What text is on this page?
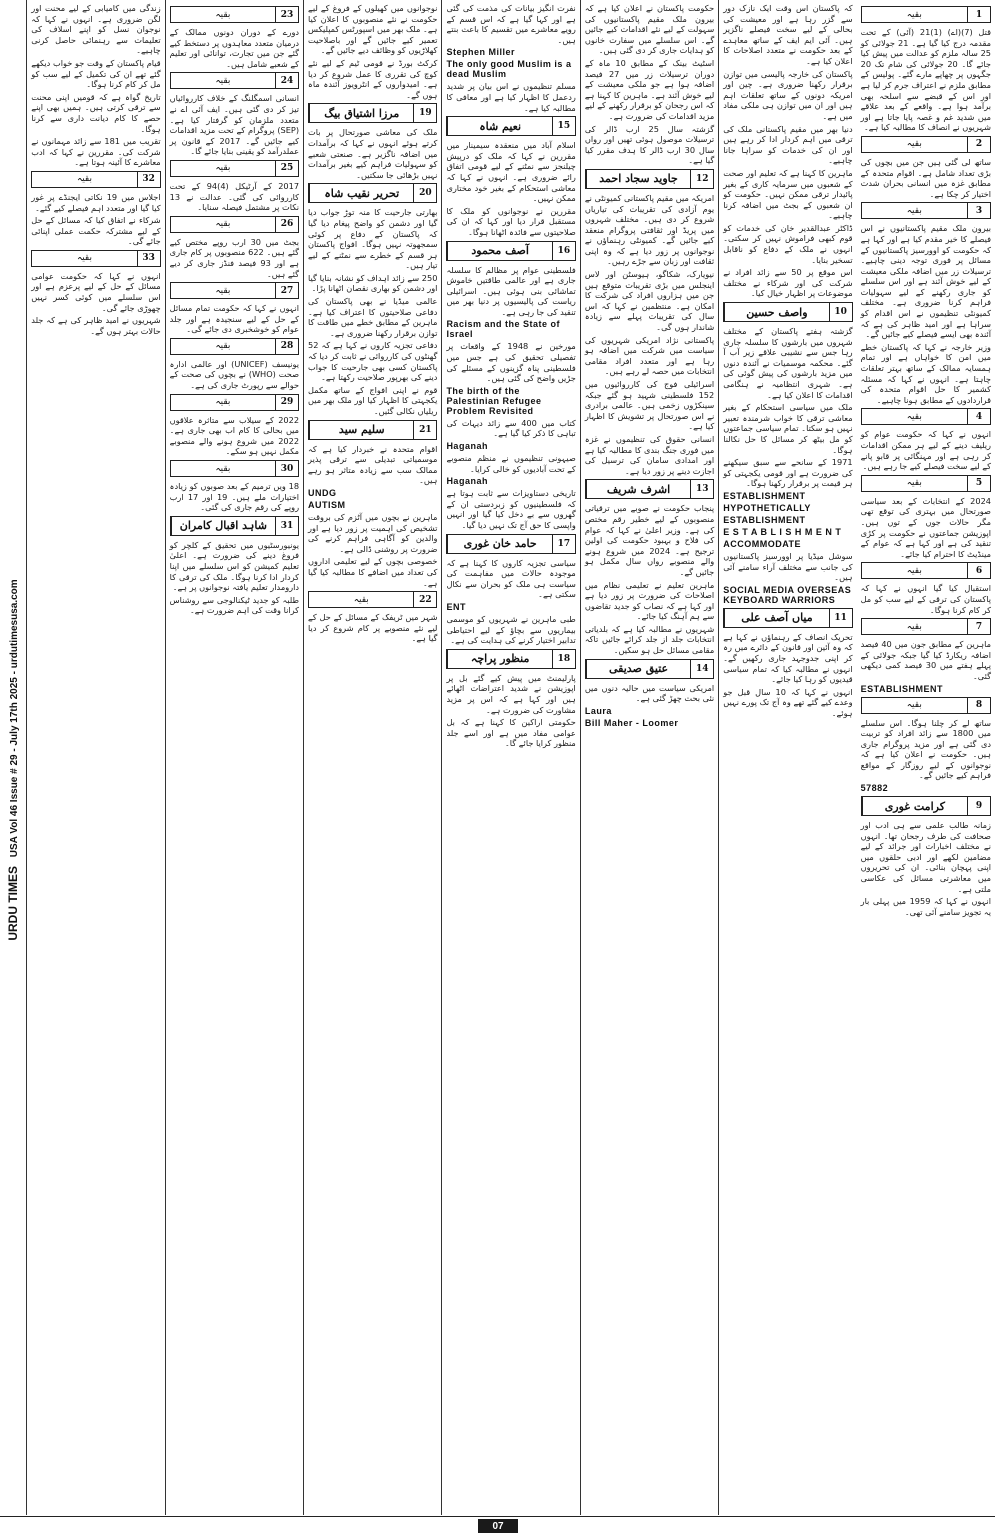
URDU TIMES USA Vol 46 Issue # 29 - July 17th 2025 - urdutimesusa.com
1
بقیہ

قتل (7)(اے) (1)21 (آئی) کے تحت مقدمہ درج کیا گیا ہے۔ 21 جولائی کو 25 سالہ ملزم کو عدالت میں پیش کیا جائے گا۔ 20 جولائی کی شام تک 20 جگہوں پر چھاپے مارے گئے۔ پولیس کے مطابق ملزم نے اعتراف جرم کر لیا ہے اور اس کے قبضے سے اسلحہ بھی برآمد ہوا ہے۔ واقعے کے بعد علاقے میں شدید غم و غصہ پایا جاتا ہے اور شہریوں نے انصاف کا مطالبہ کیا ہے۔

2
بقیہ

ساتھ لی گئی ہیں جن میں بچوں کی بڑی تعداد شامل ہے۔ اقوام متحدہ کے مطابق غزہ میں انسانی بحران شدت اختیار کر چکا ہے۔

3
بقیہ

بیرون ملک مقیم پاکستانیوں نے اس فیصلے کا خیر مقدم کیا ہے اور کہا ہے کہ حکومت کو اوورسیز پاکستانیوں کے مسائل پر فوری توجہ دینی چاہیے۔ ترسیلات زر میں اضافہ ملکی معیشت کے لیے خوش آئند ہے اور اس سلسلے کو جاری رکھنے کے لیے سہولیات فراہم کرنا ضروری ہے۔ مختلف کمیونٹی تنظیموں نے اس اقدام کو سراہا ہے اور امید ظاہر کی ہے کہ آئندہ بھی ایسے فیصلے کیے جائیں گے۔

وزیر خارجہ نے کہا کہ پاکستان خطے میں امن کا خواہاں ہے اور تمام ہمسایہ ممالک کے ساتھ بہتر تعلقات چاہتا ہے۔ انہوں نے کہا کہ مسئلہ کشمیر کا حل اقوام متحدہ کی قراردادوں کے مطابق ہونا چاہیے۔

4
بقیہ

انہوں نے کہا کہ حکومت عوام کو ریلیف دینے کے لیے ہر ممکن اقدامات کر رہی ہے اور مہنگائی پر قابو پانے کے لیے سخت فیصلے کیے جا رہے ہیں۔

5
بقیہ

2024 کے انتخابات کے بعد سیاسی صورتحال میں بہتری کی توقع تھی مگر حالات جوں کے توں ہیں۔ اپوزیشن جماعتوں نے حکومت پر کڑی تنقید کی ہے اور کہا ہے کہ عوام کے مینڈیٹ کا احترام کیا جائے۔

6
بقیہ

استقبال کیا گیا انہوں نے کہا کہ پاکستان کی ترقی کے لیے سب کو مل کر کام کرنا ہوگا۔

7
بقیہ

ماہرین کے مطابق جون میں 40 فیصد اضافہ ریکارڈ کیا گیا جبکہ جولائی کے پہلے ہفتے میں 30 فیصد کمی دیکھی گئی۔

ESTABLISHMENT
8
بقیہ

ساتھ لے کر چلنا ہوگا۔ اس سلسلے میں 1800 سے زائد افراد کو تربیت دی گئی ہے اور مزید پروگرام جاری ہیں۔ حکومت نے اعلان کیا ہے کہ نوجوانوں کے لیے روزگار کے مواقع فراہم کیے جائیں گے۔

57882
9
کرامت غوری

زمانہ طالب علمی سے ہی ادب اور صحافت کی طرف رجحان تھا۔ انہوں نے مختلف اخبارات اور جرائد کے لیے مضامین لکھے اور ادبی حلقوں میں اپنی پہچان بنائی۔ ان کی تحریروں میں معاشرتی مسائل کی عکاسی ملتی ہے۔

انہوں نے کہا کہ 1959 میں پہلی بار یہ تجویز سامنے آئی تھی۔

کہ پاکستان اس وقت ایک نازک دور سے گزر رہا ہے اور معیشت کی بحالی کے لیے سخت فیصلے ناگزیر ہیں۔ آئی ایم ایف کے ساتھ معاہدے کے بعد حکومت نے متعدد اصلاحات کا اعلان کیا ہے۔

پاکستان کی خارجہ پالیسی میں توازن برقرار رکھنا ضروری ہے۔ چین اور امریکہ دونوں کے ساتھ تعلقات اہم ہیں اور ان میں توازن ہی ملکی مفاد میں ہے۔

دنیا بھر میں مقیم پاکستانی ملک کی ترقی میں اہم کردار ادا کر رہے ہیں اور ان کی خدمات کو سراہا جانا چاہیے۔

ماہرین کا کہنا ہے کہ تعلیم اور صحت کے شعبوں میں سرمایہ کاری کے بغیر پائیدار ترقی ممکن نہیں۔ حکومت کو ان شعبوں کے بجٹ میں اضافہ کرنا چاہیے۔

ڈاکٹر عبدالقدیر خان کی خدمات کو قوم کبھی فراموش نہیں کر سکتی۔ انہوں نے ملک کے دفاع کو ناقابل تسخیر بنایا۔

اس موقع پر 50 سے زائد افراد نے شرکت کی اور شرکاء نے مختلف موضوعات پر اظہار خیال کیا۔

10
واصف حسین

گزشتہ ہفتے پاکستان کے مختلف شہروں میں بارشوں کا سلسلہ جاری رہا جس سے نشیبی علاقے زیر آب آ گئے۔ محکمہ موسمیات نے آئندہ دنوں میں مزید بارشوں کی پیش گوئی کی ہے۔ شہری انتظامیہ نے ہنگامی اقدامات کا اعلان کیا ہے۔

ملک میں سیاسی استحکام کے بغیر معاشی ترقی کا خواب شرمندہ تعبیر نہیں ہو سکتا۔ تمام سیاسی جماعتوں کو مل بیٹھ کر مسائل کا حل نکالنا ہوگا۔

1971 کے سانحے سے سبق سیکھنے کی ضرورت ہے اور قومی یکجہتی کو ہر قیمت پر برقرار رکھنا ہوگا۔

ESTABLISHMENT
HYPOTHETICALLY
ESTABLISHMENT
E S T A B L I S H M E N T
ACCOMMODATE

سوشل میڈیا پر اوورسیز پاکستانیوں کی جانب سے مختلف آراء سامنے آئی ہیں۔

SOCIAL MEDIA OVERSEAS KEYBOARD WARRIORS
11
میاں آصف علی

تحریک انصاف کے رہنماؤں نے کہا ہے کہ وہ آئین اور قانون کے دائرے میں رہ کر اپنی جدوجہد جاری رکھیں گے۔ انہوں نے مطالبہ کیا کہ تمام سیاسی قیدیوں کو رہا کیا جائے۔

انہوں نے کہا کہ 10 سال قبل جو وعدے کیے گئے تھے وہ آج تک پورے نہیں ہوئے۔

حکومت پاکستان نے اعلان کیا ہے کہ بیرون ملک مقیم پاکستانیوں کی سہولت کے لیے نئے اقدامات کیے جائیں گے۔ اس سلسلے میں سفارت خانوں کو ہدایات جاری کر دی گئی ہیں۔

اسٹیٹ بینک کے مطابق 10 ماہ کے دوران ترسیلات زر میں 27 فیصد اضافہ ہوا ہے جو ملکی معیشت کے لیے خوش آئند ہے۔ ماہرین کا کہنا ہے کہ اس رجحان کو برقرار رکھنے کے لیے مزید اقدامات کی ضرورت ہے۔

گزشتہ سال 25 ارب ڈالر کی ترسیلات موصول ہوئی تھیں اور رواں سال 30 ارب ڈالر کا ہدف مقرر کیا گیا ہے۔

12
جاوید سجاد احمد

امریکہ میں مقیم پاکستانی کمیونٹی نے یوم آزادی کی تقریبات کی تیاریاں شروع کر دی ہیں۔ مختلف شہروں میں پریڈ اور ثقافتی پروگرام منعقد کیے جائیں گے۔ کمیونٹی رہنماؤں نے نوجوانوں پر زور دیا ہے کہ وہ اپنی ثقافت اور زبان سے جڑے رہیں۔

نیویارک، شکاگو، ہیوسٹن اور لاس اینجلس میں بڑی تقریبات متوقع ہیں جن میں ہزاروں افراد کی شرکت کا امکان ہے۔ منتظمین نے کہا کہ اس سال کی تقریبات پہلے سے زیادہ شاندار ہوں گی۔

پاکستانی نژاد امریکی شہریوں کی سیاست میں شرکت میں اضافہ ہو رہا ہے اور متعدد افراد مقامی انتخابات میں حصہ لے رہے ہیں۔

اسرائیلی فوج کی کارروائیوں میں 152 فلسطینی شہید ہو گئے جبکہ سینکڑوں زخمی ہیں۔ عالمی برادری نے اس صورتحال پر تشویش کا اظہار کیا ہے۔

انسانی حقوق کی تنظیموں نے غزہ میں فوری جنگ بندی کا مطالبہ کیا ہے اور امدادی سامان کی ترسیل کی اجازت دینے پر زور دیا ہے۔

13
اشرف شریف

پنجاب حکومت نے صوبے میں ترقیاتی منصوبوں کے لیے خطیر رقم مختص کی ہے۔ وزیر اعلیٰ نے کہا کہ عوام کی فلاح و بہبود حکومت کی اولین ترجیح ہے۔ 2024 میں شروع ہونے والے منصوبے رواں سال مکمل ہو جائیں گے۔

ماہرین تعلیم نے تعلیمی نظام میں اصلاحات کی ضرورت پر زور دیا ہے اور کہا ہے کہ نصاب کو جدید تقاضوں سے ہم آہنگ کیا جائے۔

شہریوں نے مطالبہ کیا ہے کہ بلدیاتی انتخابات جلد از جلد کرائے جائیں تاکہ مقامی مسائل حل ہو سکیں۔

14
عتیق صدیقی

امریکی سیاست میں حالیہ دنوں میں نئی بحث چھڑ گئی ہے۔

Laura
Bill Maher - Loomer

نفرت انگیز بیانات کی مذمت کی گئی ہے اور کہا گیا ہے کہ اس قسم کے رویے معاشرے میں تقسیم کا باعث بنتے ہیں۔

Stephen Miller
The only good Muslim is a dead Muslim

مسلم تنظیموں نے اس بیان پر شدید ردعمل کا اظہار کیا ہے اور معافی کا مطالبہ کیا ہے۔

15
نعیم شاہ

اسلام آباد میں منعقدہ سیمینار میں مقررین نے کہا کہ ملک کو درپیش چیلنجز سے نمٹنے کے لیے قومی اتفاق رائے ضروری ہے۔ انہوں نے کہا کہ معاشی استحکام کے بغیر خود مختاری ممکن نہیں۔

مقررین نے نوجوانوں کو ملک کا مستقبل قرار دیا اور کہا کہ ان کی صلاحیتوں سے فائدہ اٹھانا ہوگا۔

16
آصف محمود

فلسطینی عوام پر مظالم کا سلسلہ جاری ہے اور عالمی طاقتیں خاموش تماشائی بنی ہوئی ہیں۔ اسرائیلی ریاست کی پالیسیوں پر دنیا بھر میں تنقید کی جا رہی ہے۔

Racism and the State of Israel

مورخین نے 1948 کے واقعات پر تفصیلی تحقیق کی ہے جس میں فلسطینی پناہ گزینوں کے مسئلے کی جڑیں واضح کی گئی ہیں۔

The birth of the Palestinian Refugee Problem Revisited

کتاب میں 400 سے زائد دیہات کی تباہی کا ذکر کیا گیا ہے۔

Haganah

صیہونی تنظیموں نے منظم منصوبے کے تحت آبادیوں کو خالی کرایا۔

Haganah

تاریخی دستاویزات سے ثابت ہوتا ہے کہ فلسطینیوں کو زبردستی ان کے گھروں سے بے دخل کیا گیا اور انہیں واپسی کا حق آج تک نہیں دیا گیا۔

17
حامد خان غوری

سیاسی تجزیہ کاروں کا کہنا ہے کہ موجودہ حالات میں مفاہمت کی سیاست ہی ملک کو بحران سے نکال سکتی ہے۔

ENT

طبی ماہرین نے شہریوں کو موسمی بیماریوں سے بچاؤ کے لیے احتیاطی تدابیر اختیار کرنے کی ہدایت کی ہے۔

18
منظور پراچہ

پارلیمنٹ میں پیش کیے گئے بل پر اپوزیشن نے شدید اعتراضات اٹھائے ہیں اور کہا ہے کہ اس پر مزید مشاورت کی ضرورت ہے۔

حکومتی اراکین کا کہنا ہے کہ بل عوامی مفاد میں ہے اور اسے جلد منظور کرایا جائے گا۔

نوجوانوں میں کھیلوں کے فروغ کے لیے حکومت نے نئے منصوبوں کا اعلان کیا ہے۔ ملک بھر میں اسپورٹس کمپلیکس تعمیر کیے جائیں گے اور باصلاحیت کھلاڑیوں کو وظائف دیے جائیں گے۔

کرکٹ بورڈ نے قومی ٹیم کے لیے نئے کوچ کی تقرری کا عمل شروع کر دیا ہے۔ امیدواروں کے انٹرویوز آئندہ ماہ ہوں گے۔

19
مرزا اشتیاق بیگ

ملک کی معاشی صورتحال پر بات کرتے ہوئے انہوں نے کہا کہ برآمدات میں اضافہ ناگزیر ہے۔ صنعتی شعبے کو سہولیات فراہم کیے بغیر برآمدات نہیں بڑھائی جا سکتیں۔

20
تحریر نقیب شاہ

بھارتی جارحیت کا منہ توڑ جواب دیا گیا اور دشمن کو واضح پیغام دیا گیا کہ پاکستان کے دفاع پر کوئی سمجھوتہ نہیں ہوگا۔ افواج پاکستان ہر قسم کے خطرے سے نمٹنے کے لیے تیار ہیں۔

250 سے زائد اہداف کو نشانہ بنایا گیا اور دشمن کو بھاری نقصان اٹھانا پڑا۔

عالمی میڈیا نے بھی پاکستان کی دفاعی صلاحیتوں کا اعتراف کیا ہے۔ ماہرین کے مطابق خطے میں طاقت کا توازن برقرار رکھنا ضروری ہے۔

دفاعی تجزیہ کاروں نے کہا ہے کہ 52 گھنٹوں کی کارروائی نے ثابت کر دیا کہ پاکستان کسی بھی جارحیت کا جواب دینے کی بھرپور صلاحیت رکھتا ہے۔

قوم نے اپنی افواج کے ساتھ مکمل یکجہتی کا اظہار کیا اور ملک بھر میں ریلیاں نکالی گئیں۔

21
سلیم سید

اقوام متحدہ نے خبردار کیا ہے کہ موسمیاتی تبدیلی سے ترقی پذیر ممالک سب سے زیادہ متاثر ہو رہے ہیں۔

UNDG
AUTISM

ماہرین نے بچوں میں آٹزم کی بروقت تشخیص کی اہمیت پر زور دیا ہے اور والدین کو آگاہی فراہم کرنے کی ضرورت پر روشنی ڈالی ہے۔

خصوصی بچوں کے لیے تعلیمی اداروں کی تعداد میں اضافے کا مطالبہ کیا گیا ہے۔

22
بقیہ

شہر میں ٹریفک کے مسائل کے حل کے لیے نئے منصوبے پر کام شروع کر دیا گیا ہے۔

23
بقیہ

دورے کے دوران دونوں ممالک کے درمیان متعدد معاہدوں پر دستخط کیے گئے جن میں تجارت، توانائی اور تعلیم کے شعبے شامل ہیں۔

24
بقیہ

انسانی اسمگلنگ کے خلاف کارروائیاں تیز کر دی گئی ہیں۔ ایف آئی اے نے متعدد ملزمان کو گرفتار کیا ہے۔ (SEP) پروگرام کے تحت مزید اقدامات کیے جائیں گے۔ 2017 کے قانون پر عملدرآمد کو یقینی بنایا جائے گا۔

25
بقیہ

2017 کے آرٹیکل (4)94 کے تحت کارروائی کی گئی۔ عدالت نے 13 نکات پر مشتمل فیصلہ سنایا۔

26
بقیہ

بجٹ میں 30 ارب روپے مختص کیے گئے ہیں۔ 622 منصوبوں پر کام جاری ہے اور 93 فیصد فنڈز جاری کر دیے گئے ہیں۔

27
بقیہ

انہوں نے کہا کہ حکومت تمام مسائل کے حل کے لیے سنجیدہ ہے اور جلد عوام کو خوشخبری دی جائے گی۔

28
بقیہ

یونیسف (UNICEF) اور عالمی ادارہ صحت (WHO) نے بچوں کی صحت کے حوالے سے رپورٹ جاری کی ہے۔

29
بقیہ

2022 کے سیلاب سے متاثرہ علاقوں میں بحالی کا کام اب بھی جاری ہے۔ 2022 میں شروع ہونے والے منصوبے مکمل نہیں ہو سکے۔

30
بقیہ

18 ویں ترمیم کے بعد صوبوں کو زیادہ اختیارات ملے ہیں۔ 19 اور 17 ارب روپے کی رقم جاری کی گئی۔

31
شاہد اقبال کامران

یونیورسٹیوں میں تحقیق کے کلچر کو فروغ دینے کی ضرورت ہے۔ اعلیٰ تعلیم کمیشن کو اس سلسلے میں اپنا کردار ادا کرنا ہوگا۔ ملک کی ترقی کا دارومدار تعلیم یافتہ نوجوانوں پر ہے۔

طلبہ کو جدید ٹیکنالوجی سے روشناس کرانا وقت کی اہم ضرورت ہے۔

زندگی میں کامیابی کے لیے محنت اور لگن ضروری ہے۔ انہوں نے کہا کہ نوجوان نسل کو اپنے اسلاف کی تعلیمات سے رہنمائی حاصل کرنی چاہیے۔

قیام پاکستان کے وقت جو خواب دیکھے گئے تھے ان کی تکمیل کے لیے سب کو مل کر کام کرنا ہوگا۔

تاریخ گواہ ہے کہ قومیں اپنی محنت سے ترقی کرتی ہیں۔ ہمیں بھی اپنے حصے کا کام دیانت داری سے کرنا ہوگا۔

تقریب میں 181 سے زائد مہمانوں نے شرکت کی۔ مقررین نے کہا کہ ادب معاشرے کا آئینہ ہوتا ہے۔

32
بقیہ

اجلاس میں 19 نکاتی ایجنڈے پر غور کیا گیا اور متعدد اہم فیصلے کیے گئے۔

شرکاء نے اتفاق کیا کہ مسائل کے حل کے لیے مشترکہ حکمت عملی اپنائی جائے گی۔

33
بقیہ

انہوں نے کہا کہ حکومت عوامی مسائل کے حل کے لیے پرعزم ہے اور اس سلسلے میں کوئی کسر نہیں چھوڑی جائے گی۔

شہریوں نے امید ظاہر کی ہے کہ جلد حالات بہتر ہوں گے۔

07
